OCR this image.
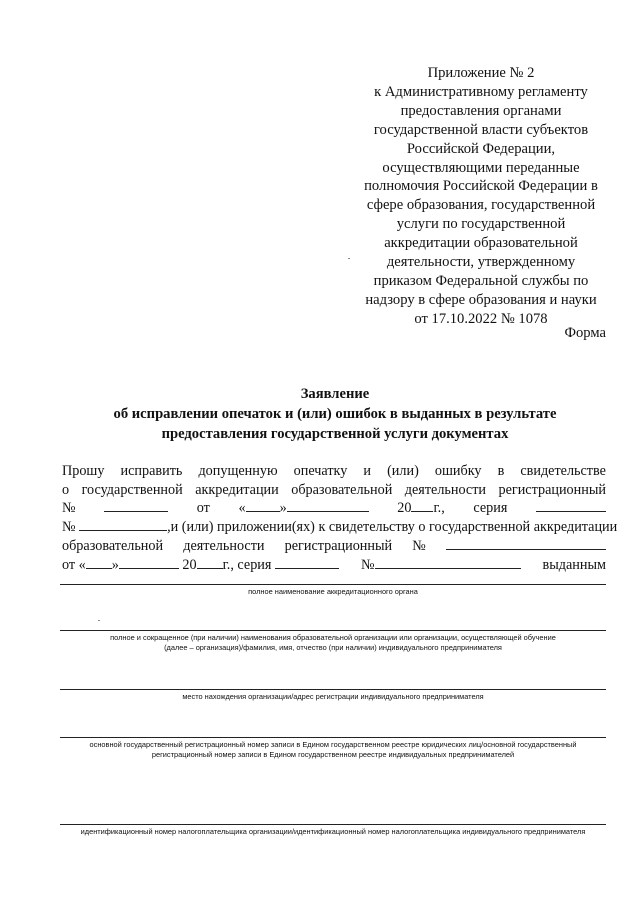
Приложение № 2
к Административному регламенту
предоставления органами
государственной власти субъектов
Российской Федерации,
осуществляющими переданные
полномочия Российской Федерации в
сфере образования, государственной
услуги по государственной
аккредитации образовательной
деятельности, утвержденному
приказом Федеральной службы по
надзору в сфере образования и науки
от 17.10.2022 № 1078
Форма
Заявление
об исправлении опечаток и (или) ошибок в выданных в результате
предоставления государственной услуги документах
Прошу исправить допущенную опечатку и (или) ошибку в свидетельстве
о государственной аккредитации образовательной деятельности регистрационный
№	от « »	20 г., серия
№	, и (или) приложении(ях) к свидетельству о государственной аккредитации
образовательной деятельности регистрационный №
от « »	20 г., серия	№	выданным
полное наименование аккредитационного органа
полное и сокращенное (при наличии) наименования образовательной организации или организации, осуществляющей обучение
(далее – организация)/фамилия, имя, отчество (при наличии) индивидуального предпринимателя
место нахождения организации/адрес регистрации индивидуального предпринимателя
основной государственный регистрационный номер записи в Едином государственном реестре юридических лиц/основной государственный
регистрационный номер записи в Едином государственном реестре индивидуальных предпринимателей
идентификационный номер налогоплательщика организации/идентификационный номер налогоплательщика индивидуального предпринимателя
